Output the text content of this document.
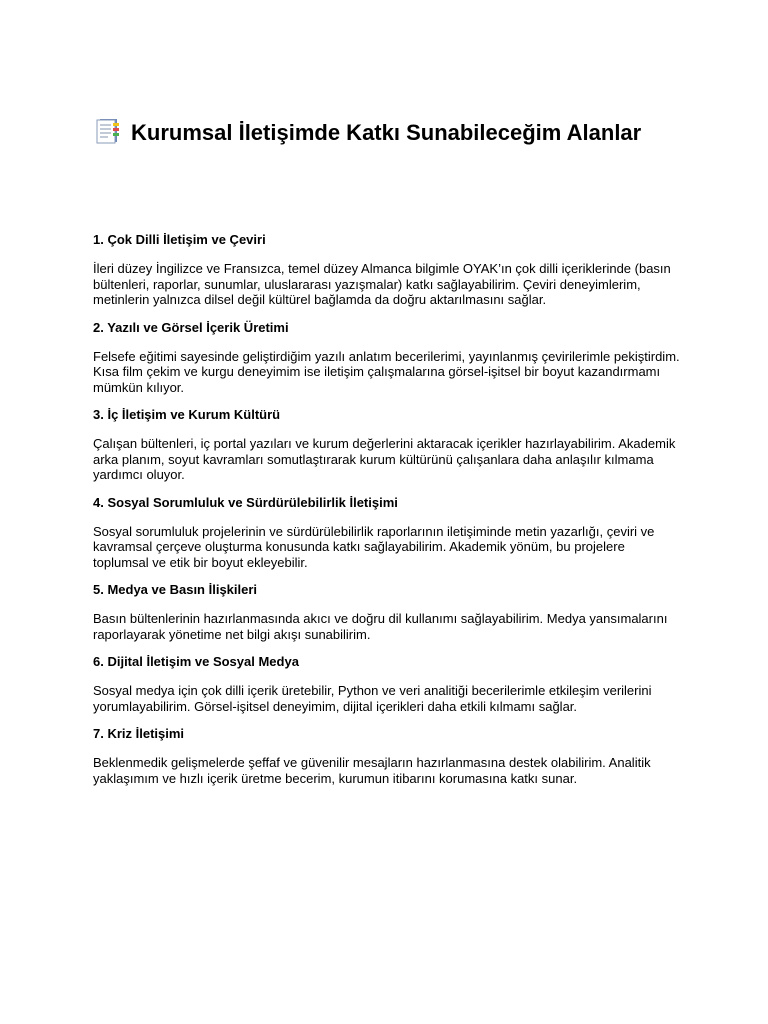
Kurumsal İletişimde Katkı Sunabileceğim Alanlar

1. Çok Dilli İletişim ve Çeviri

İleri düzey İngilizce ve Fransızca, temel düzey Almanca bilgimle OYAK’ın çok dilli içeriklerinde (basın bültenleri, raporlar, sunumlar, uluslararası yazışmalar) katkı sağlayabilirim. Çeviri deneyimlerim, metinlerin yalnızca dilsel değil kültürel bağlamda da doğru aktarılmasını sağlar.

2. Yazılı ve Görsel İçerik Üretimi

Felsefe eğitimi sayesinde geliştirdiğim yazılı anlatım becerilerimi, yayınlanmış çevirilerimle pekiştirdim. Kısa film çekim ve kurgu deneyimim ise iletişim çalışmalarına görsel-işitsel bir boyut kazandırmamı mümkün kılıyor.

3. İç İletişim ve Kurum Kültürü

Çalışan bültenleri, iç portal yazıları ve kurum değerlerini aktaracak içerikler hazırlayabilirim. Akademik arka planım, soyut kavramları somutlaştırarak kurum kültürünü çalışanlara daha anlaşılır kılmama yardımcı oluyor.

4. Sosyal Sorumluluk ve Sürdürülebilirlik İletişimi

Sosyal sorumluluk projelerinin ve sürdürülebilirlik raporlarının iletişiminde metin yazarlığı, çeviri ve kavramsal çerçeve oluşturma konusunda katkı sağlayabilirim. Akademik yönüm, bu projelere toplumsal ve etik bir boyut ekleyebilir.

5. Medya ve Basın İlişkileri

Basın bültenlerinin hazırlanmasında akıcı ve doğru dil kullanımı sağlayabilirim. Medya yansımalarını raporlayarak yönetime net bilgi akışı sunabilirim.

6. Dijital İletişim ve Sosyal Medya

Sosyal medya için çok dilli içerik üretebilir, Python ve veri analitiği becerilerimle etkileşim verilerini yorumlayabilirim. Görsel-işitsel deneyimim, dijital içerikleri daha etkili kılmamı sağlar.

7. Kriz İletişimi

Beklenmedik gelişmelerde şeffaf ve güvenilir mesajların hazırlanmasına destek olabilirim. Analitik yaklaşımım ve hızlı içerik üretme becerim, kurumun itibarını korumasına katkı sunar.
